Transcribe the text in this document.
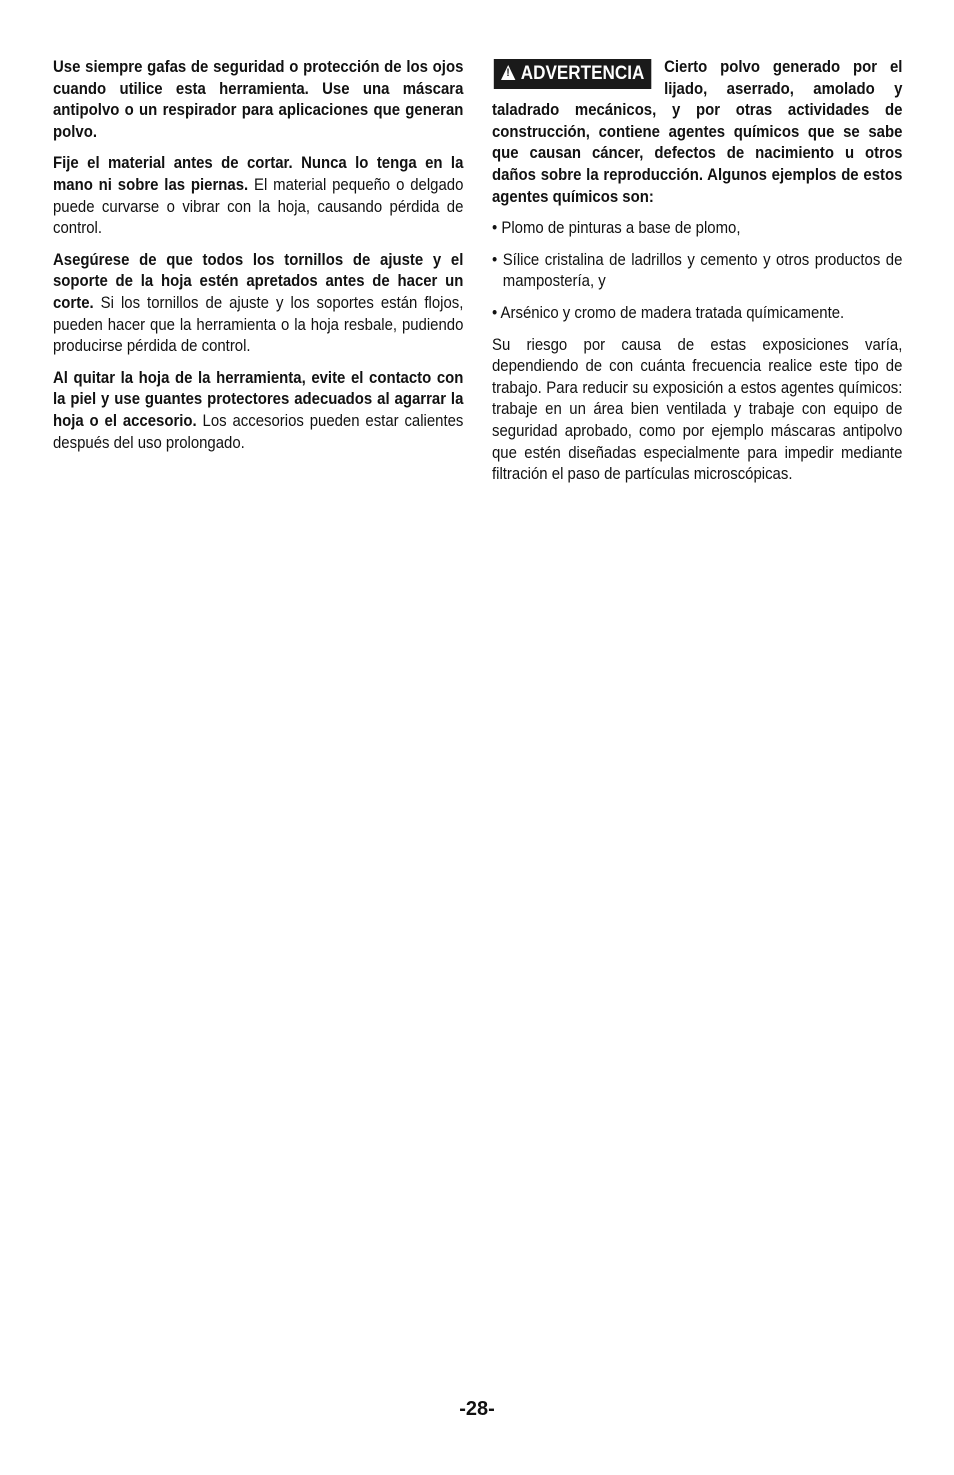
Use siempre gafas de seguridad o protección de los ojos cuando utilice esta herramienta. Use una máscara antipolvo o un respirador para aplicaciones que generan polvo.

Fije el material antes de cortar. Nunca lo tenga en la mano ni sobre las piernas. El material pequeño o delgado puede curvarse o vibrar con la hoja, causando pérdida de control.

Asegúrese de que todos los tornillos de ajuste y el soporte de la hoja estén apretados antes de hacer un corte. Si los tornillos de ajuste y los soportes están flojos, pueden hacer que la herramienta o la hoja resbale, pudiendo producirse pérdida de control.

Al quitar la hoja de la herramienta, evite el contacto con la piel y use guantes protectores adecuados al agarrar la hoja o el accesorio. Los accesorios pueden estar calientes después del uso prolongado.

!ADVERTENCIA	Cierto polvo generado por el lijado, aserrado, amolado y taladrado mecánicos, y por otras actividades de construcción, contiene agentes químicos que se sabe que causan cáncer, defectos de nacimiento u otros daños sobre la reproducción. Algunos ejemplos de estos agentes químicos son:

• Plomo de pinturas a base de plomo,

• Sílice cristalina de ladrillos y cemento y otros productos de mampostería, y

• Arsénico y cromo de madera tratada químicamente.

Su riesgo por causa de estas exposiciones varía, dependiendo de con cuánta frecuencia realice este tipo de trabajo. Para reducir su exposición a estos agentes químicos: trabaje en un área bien ventilada y trabaje con equipo de seguridad aprobado, como por ejemplo máscaras antipolvo que estén diseñadas especialmente para impedir mediante filtración el paso de partículas microscópicas.

-28-
